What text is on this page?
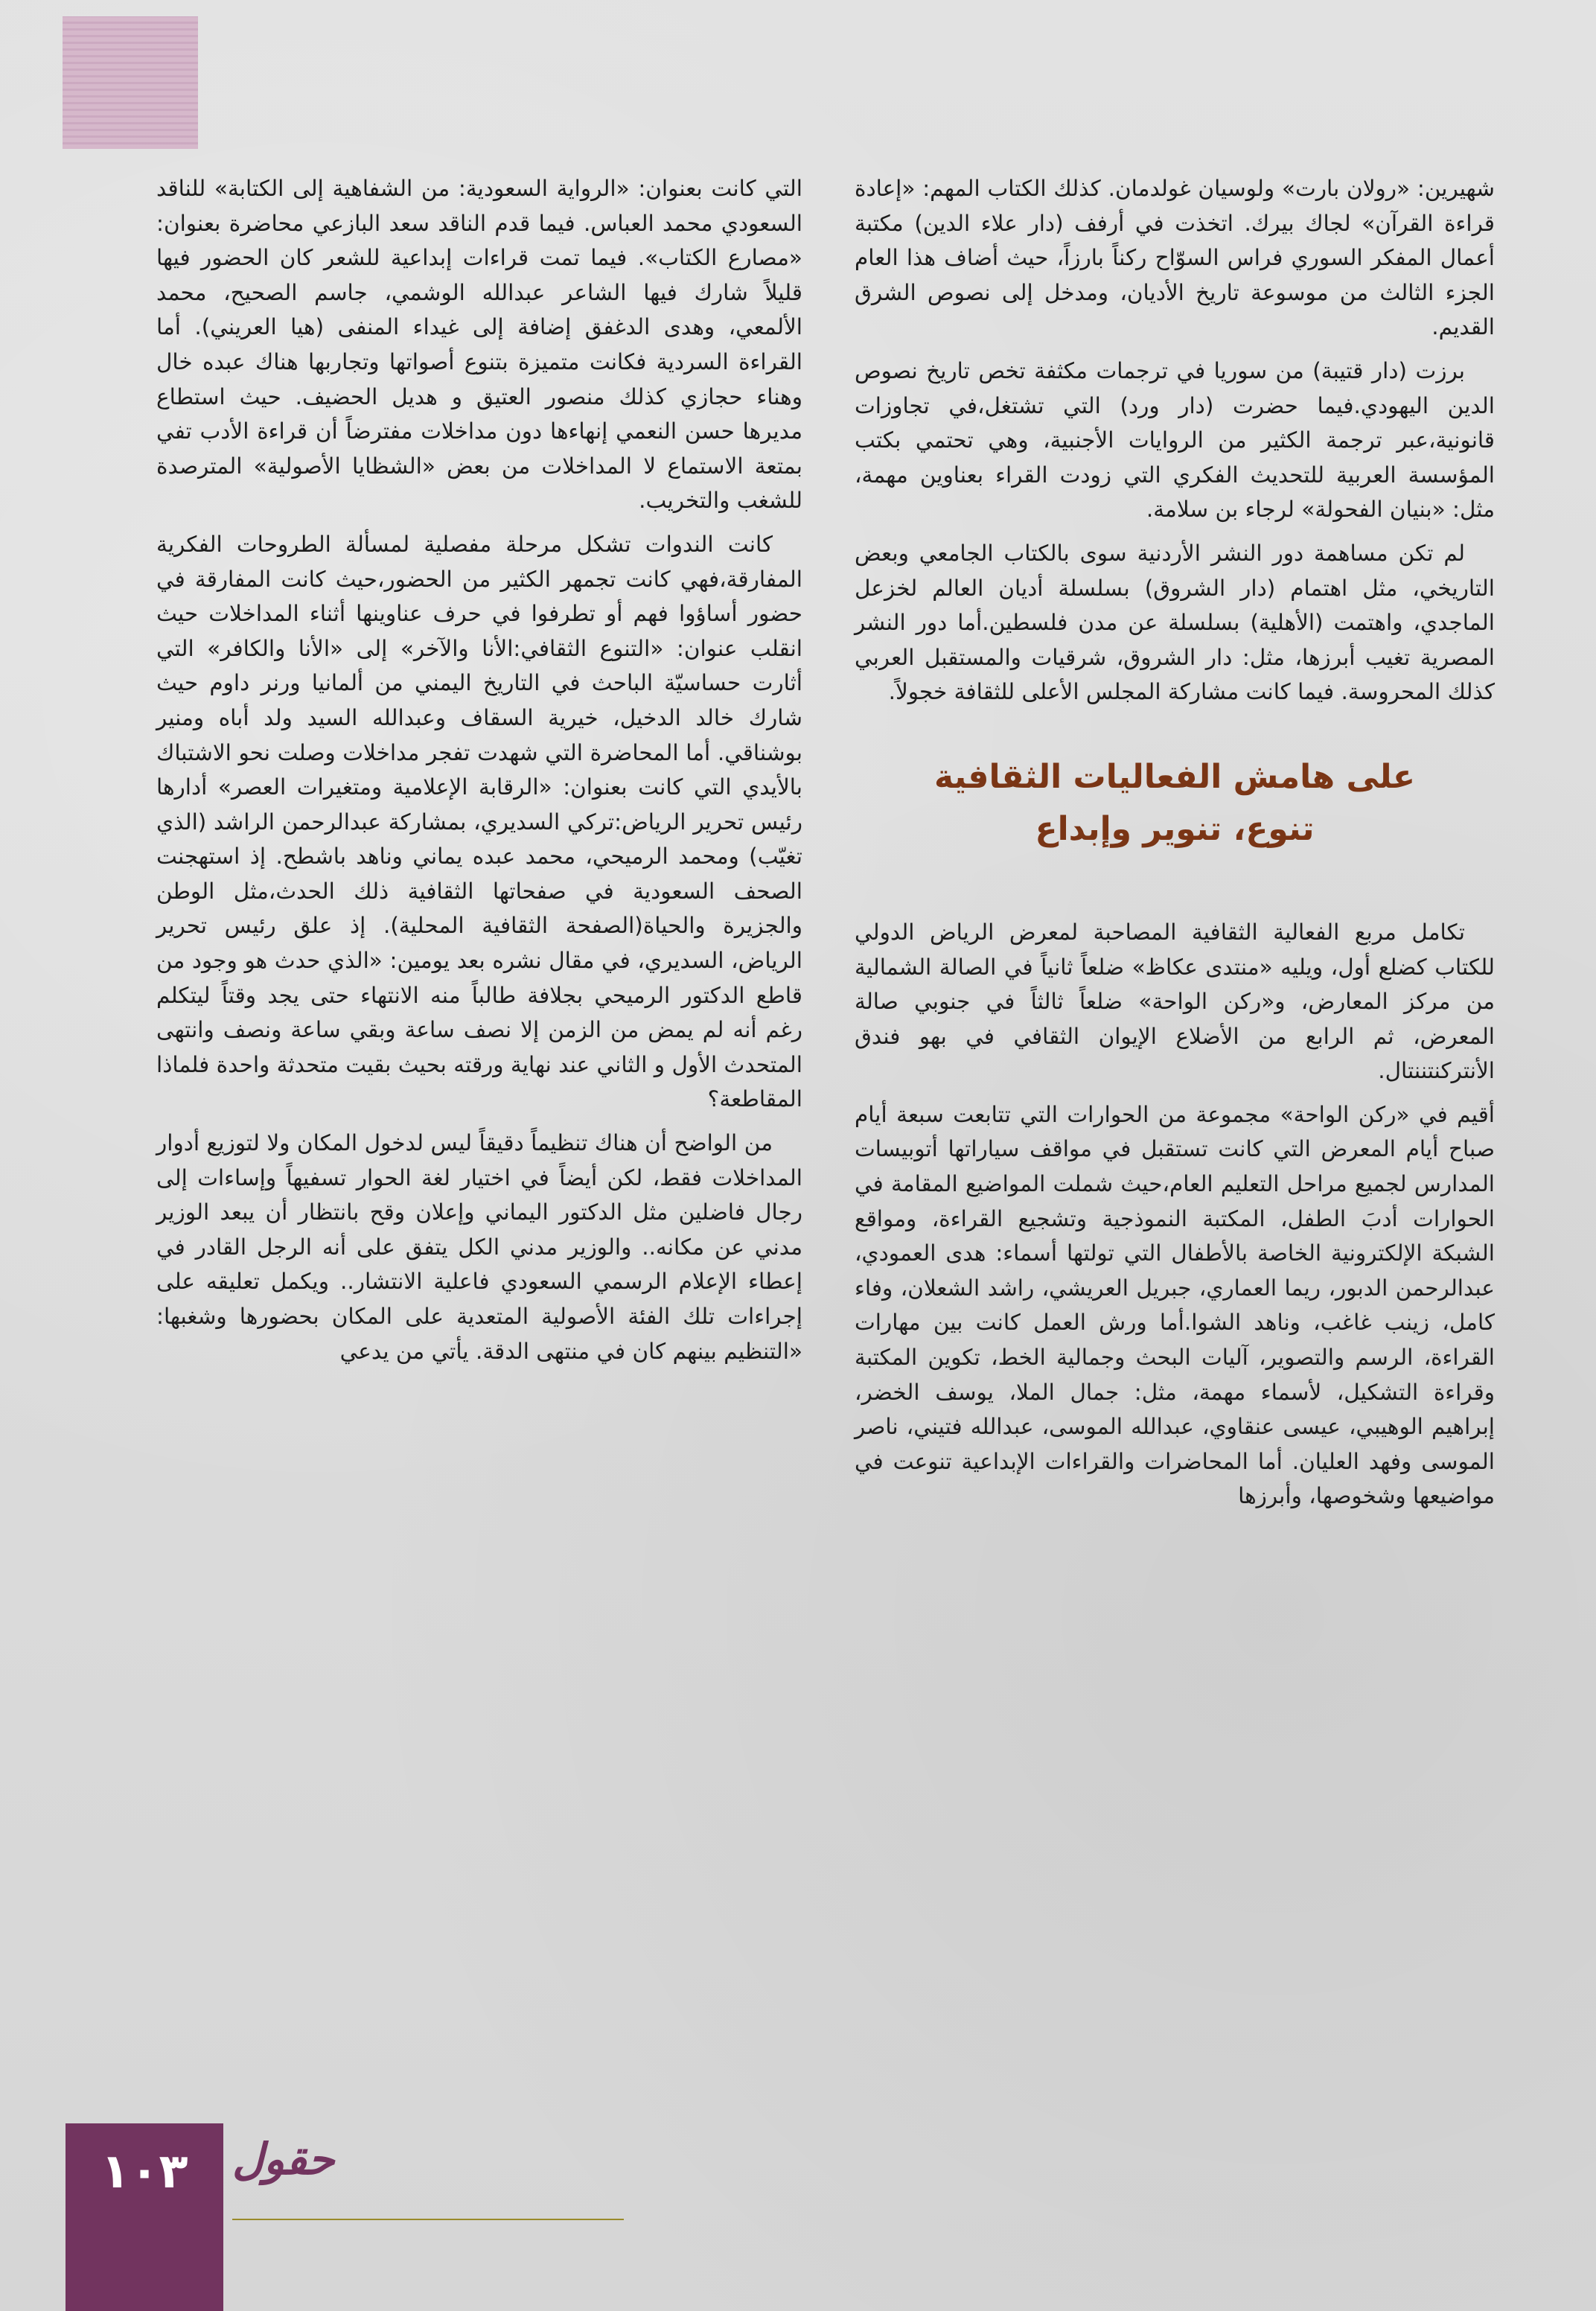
شهيرين: «رولان بارت» ولوسيان غولدمان. كذلك الكتاب المهم: «إعادة قراءة القرآن» لجاك بيرك. اتخذت في أرفف (دار علاء الدين) مكتبة أعمال المفكر السوري فراس السوّاح ركناً بارزاً، حيث أضاف هذا العام الجزء الثالث من موسوعة تاريخ الأديان، ومدخل إلى نصوص الشرق القديم.

برزت (دار قتيبة) من سوريا في ترجمات مكثفة تخص تاريخ نصوص الدين اليهودي.فيما حضرت (دار ورد) التي تشتغل،في تجاوزات قانونية،عبر ترجمة الكثير من الروايات الأجنبية، وهي تحتمي بكتب المؤسسة العربية للتحديث الفكري التي زودت القراء بعناوين مهمة، مثل: «بنيان الفحولة» لرجاء بن سلامة.

لم تكن مساهمة دور النشر الأردنية سوى بالكتاب الجامعي وبعض التاريخي، مثل اهتمام (دار الشروق) بسلسلة أديان العالم لخزعل الماجدي، واهتمت (الأهلية) بسلسلة عن مدن فلسطين.أما دور النشر المصرية تغيب أبرزها، مثل: دار الشروق، شرقيات والمستقبل العربي كذلك المحروسة. فيما كانت مشاركة المجلس الأعلى للثقافة خجولاً.

على هامش الفعاليات الثقافية
تنوع، تنوير وإبداع

تكامل مربع الفعالية الثقافية المصاحبة لمعرض الرياض الدولي للكتاب كضلع أول، ويليه «منتدى عكاظ» ضلعاً ثانياً في الصالة الشمالية من مركز المعارض، و«ركن الواحة» ضلعاً ثالثاً في جنوبي صالة المعرض، ثم الرابع من الأضلاع الإيوان الثقافي في بهو فندق الأنتركنتننتال.

أقيم في «ركن الواحة» مجموعة من الحوارات التي تتابعت سبعة أيام صباح أيام المعرض التي كانت تستقبل في مواقف سياراتها أتوبيسات المدارس لجميع مراحل التعليم العام،حيث شملت المواضيع المقامة في الحوارات أدبَ الطفل، المكتبة النموذجية وتشجيع القراءة، ومواقع الشبكة الإلكترونية الخاصة بالأطفال التي تولتها أسماء: هدى العمودي، عبدالرحمن الدبور، ريما العماري، جبريل العريشي، راشد الشعلان، وفاء كامل، زينب غاغب، وناهد الشوا.أما ورش العمل كانت بين مهارات القراءة، الرسم والتصوير، آليات البحث وجمالية الخط، تكوين المكتبة وقراءة التشكيل، لأسماء مهمة، مثل: جمال الملا، يوسف الخضر، إبراهيم الوهيبي، عيسى عنقاوي، عبدالله الموسى، عبدالله فتيني، ناصر الموسى وفهد العليان. أما المحاضرات والقراءات الإبداعية تنوعت في مواضيعها وشخوصها، وأبرزها

التي كانت بعنوان: «الرواية السعودية: من الشفاهية إلى الكتابة» للناقد السعودي محمد العباس. فيما قدم الناقد سعد البازعي محاضرة بعنوان: «مصارع الكتاب». فيما تمت قراءات إبداعية للشعر كان الحضور فيها قليلاً شارك فيها الشاعر عبدالله الوشمي، جاسم الصحيح، محمد الألمعي، وهدى الدغفق إضافة إلى غيداء المنفى (هيا العريني). أما القراءة السردية فكانت متميزة بتنوع أصواتها وتجاربها هناك عبده خال وهناء حجازي كذلك منصور العتيق و هديل الحضيف. حيث استطاع مديرها حسن النعمي إنهاءها دون مداخلات مفترضاً أن قراءة الأدب تفي بمتعة الاستماع لا المداخلات من بعض «الشظايا الأصولية» المترصدة للشغب والتخريب.

كانت الندوات تشكل مرحلة مفصلية لمسألة الطروحات الفكرية المفارقة،فهي كانت تجمهر الكثير من الحضور،حيث كانت المفارقة في حضور أساؤوا فهم أو تطرفوا في حرف عناوينها أثناء المداخلات حيث انقلب عنوان: «التنوع الثقافي:الأنا والآخر» إلى «الأنا والكافر» التي أثارت حساسيّة الباحث في التاريخ اليمني من ألمانيا ورنر داوم حيث شارك خالد الدخيل، خيرية السقاف وعبدالله السيد ولد أباه ومنير بوشناقي. أما المحاضرة التي شهدت تفجر مداخلات وصلت نحو الاشتباك بالأيدي التي كانت بعنوان: «الرقابة الإعلامية ومتغيرات العصر» أدارها رئيس تحرير الرياض:تركي السديري، بمشاركة عبدالرحمن الراشد (الذي تغيّب) ومحمد الرميحي، محمد عبده يماني وناهد باشطح. إذ استهجنت الصحف السعودية في صفحاتها الثقافية ذلك الحدث،مثل الوطن والجزيرة والحياة(الصفحة الثقافية المحلية). إذ علق رئيس تحرير الرياض، السديري، في مقال نشره بعد يومين: «الذي حدث هو وجود من قاطع الدكتور الرميحي بجلافة طالباً منه الانتهاء حتى يجد وقتاً ليتكلم رغم أنه لم يمض من الزمن إلا نصف ساعة وبقي ساعة ونصف وانتهى المتحدث الأول و الثاني عند نهاية ورقته بحيث بقيت متحدثة واحدة فلماذا المقاطعة؟

من الواضح أن هناك تنظيماً دقيقاً ليس لدخول المكان ولا لتوزيع أدوار المداخلات فقط، لكن أيضاً في اختيار لغة الحوار تسفيهاً وإساءات إلى رجال فاضلين مثل الدكتور اليماني وإعلان وقح بانتظار أن يبعد الوزير مدني عن مكانه.. والوزير مدني الكل يتفق على أنه الرجل القادر في إعطاء الإعلام الرسمي السعودي فاعلية الانتشار.. ويكمل تعليقه على إجراءات تلك الفئة الأصولية المتعدية على المكان بحضورها وشغبها: «التنظيم بينهم كان في منتهى الدقة. يأتي من يدعي

١٠٣	حقول
